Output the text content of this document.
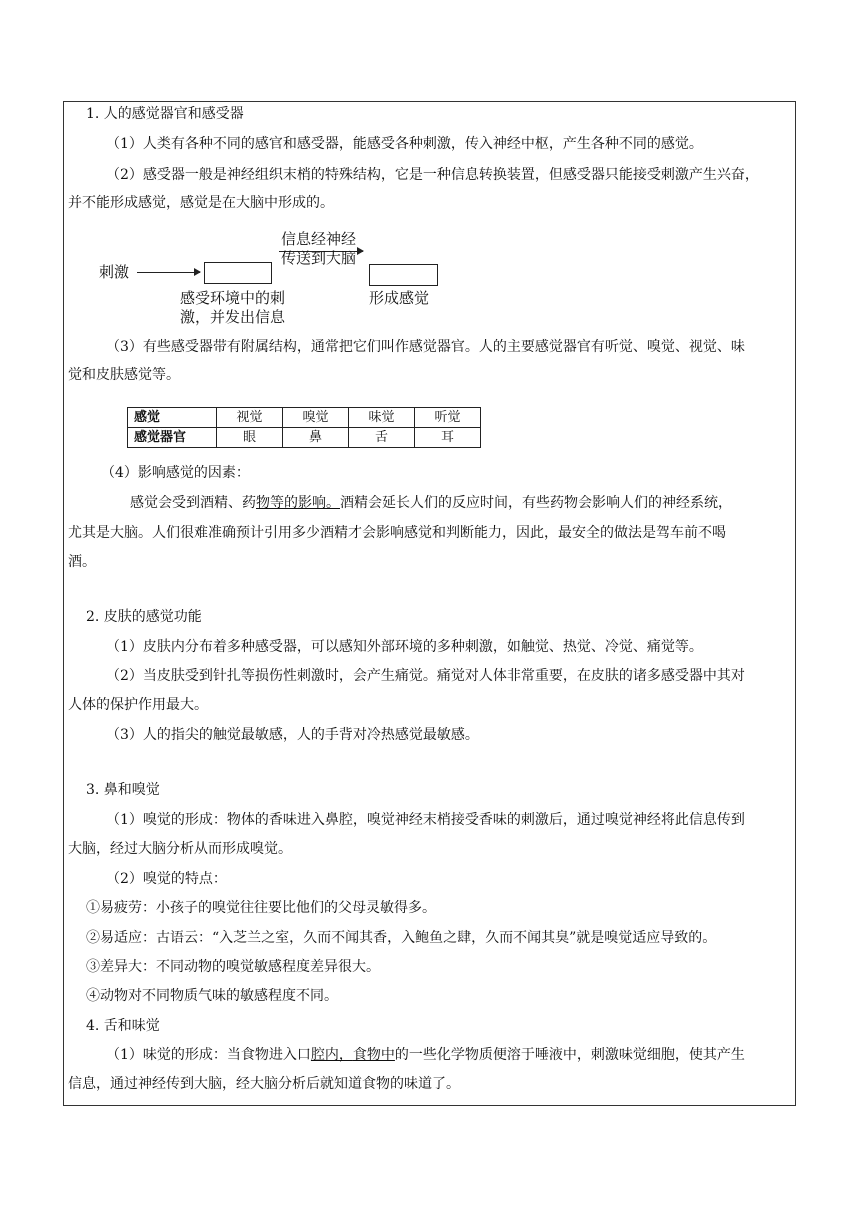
1. 人的感觉器官和感受器
（1）人类有各种不同的感官和感受器，能感受各种刺激，传入神经中枢，产生各种不同的感觉。
（2）感受器一般是神经组织末梢的特殊结构，它是一种信息转换装置，但感受器只能接受刺激产生兴奋，
并不能形成感觉，感觉是在大脑中形成的。
刺激
信息经神经
传送到大脑
感受环境中的刺
激，并发出信息
形成感觉
（3）有些感受器带有附属结构，通常把它们叫作感觉器官。人的主要感觉器官有听觉、嗅觉、视觉、味
觉和皮肤感觉等。
感觉	视觉	嗅觉	味觉	听觉
感觉器官	眼	鼻	舌	耳
（4）影响感觉的因素：
感觉会受到酒精、药物等的影响。酒精会延长人们的反应时间，有些药物会影响人们的神经系统，
尤其是大脑。人们很难准确预计引用多少酒精才会影响感觉和判断能力，因此，最安全的做法是驾车前不喝
酒。
2. 皮肤的感觉功能
（1）皮肤内分布着多种感受器，可以感知外部环境的多种刺激，如触觉、热觉、冷觉、痛觉等。
（2）当皮肤受到针扎等损伤性刺激时，会产生痛觉。痛觉对人体非常重要，在皮肤的诸多感受器中其对
人体的保护作用最大。
（3）人的指尖的触觉最敏感，人的手背对冷热感觉最敏感。
3. 鼻和嗅觉
（1）嗅觉的形成：物体的香味进入鼻腔，嗅觉神经末梢接受香味的刺激后，通过嗅觉神经将此信息传到
大脑，经过大脑分析从而形成嗅觉。
（2）嗅觉的特点：
①易疲劳：小孩子的嗅觉往往要比他们的父母灵敏得多。
②易适应：古语云：“入芝兰之室，久而不闻其香，入鲍鱼之肆，久而不闻其臭”就是嗅觉适应导致的。
③差异大：不同动物的嗅觉敏感程度差异很大。
④动物对不同物质气味的敏感程度不同。
4. 舌和味觉
（1）味觉的形成：当食物进入口腔内，食物中的一些化学物质便溶于唾液中，刺激味觉细胞，使其产生
信息，通过神经传到大脑，经大脑分析后就知道食物的味道了。
